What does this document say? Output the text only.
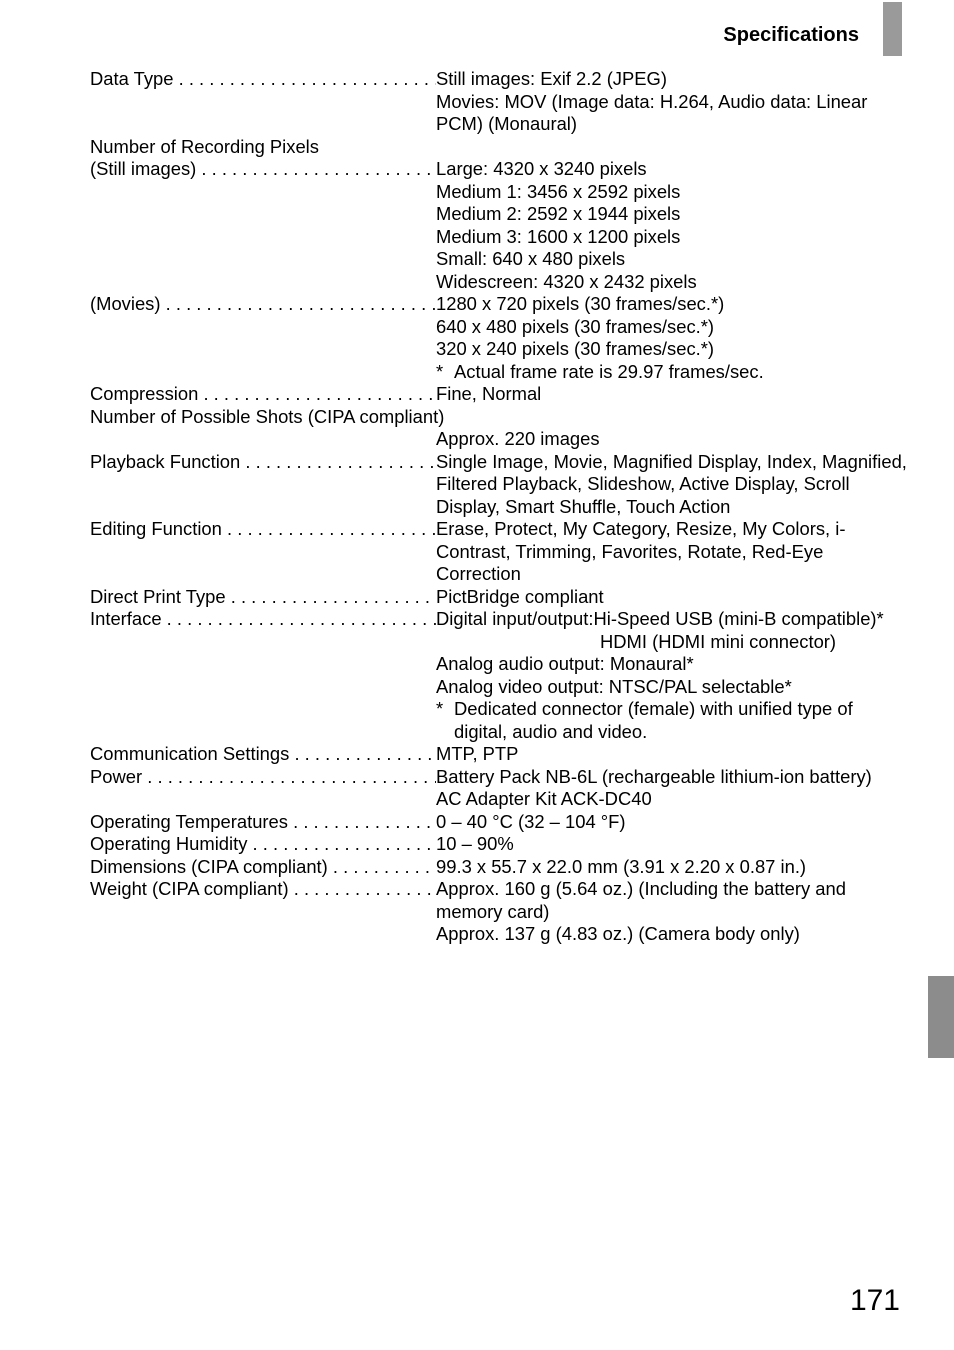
Specifications
Data Type . . .	Still images: Exif 2.2 (JPEG)
Movies: MOV (Image data: H.264, Audio data: Linear PCM) (Monaural)
Number of Recording Pixels
(Still images) . . .	Large: 4320 x 3240 pixels
Medium 1: 3456 x 2592 pixels
Medium 2: 2592 x 1944 pixels
Medium 3: 1600 x 1200 pixels
Small: 640 x 480 pixels
Widescreen: 4320 x 2432 pixels
(Movies) . . .	1280 x 720 pixels (30 frames/sec.*)
640 x 480 pixels (30 frames/sec.*)
320 x 240 pixels (30 frames/sec.*)
* Actual frame rate is 29.97 frames/sec.
Compression . . .	Fine, Normal
Number of Possible Shots (CIPA compliant)
Approx. 220 images
Playback Function . . .	Single Image, Movie, Magnified Display, Index, Magnified, Filtered Playback, Slideshow, Active Display, Scroll Display, Smart Shuffle, Touch Action
Editing Function . . .	Erase, Protect, My Category, Resize, My Colors, i-Contrast, Trimming, Favorites, Rotate, Red-Eye Correction
Direct Print Type . . .	PictBridge compliant
Interface . . .	Digital input/output:Hi-Speed USB (mini-B compatible)*
HDMI (HDMI mini connector)
Analog audio output: Monaural*
Analog video output: NTSC/PAL selectable*
* Dedicated connector (female) with unified type of digital, audio and video.
Communication Settings . . .	MTP, PTP
Power . . .	Battery Pack NB-6L (rechargeable lithium-ion battery)
AC Adapter Kit ACK-DC40
Operating Temperatures . . .	0 – 40 °C (32 – 104 °F)
Operating Humidity . . .	10 – 90%
Dimensions (CIPA compliant) . . .	99.3 x 55.7 x 22.0 mm (3.91 x 2.20 x 0.87 in.)
Weight (CIPA compliant) . . .	Approx. 160 g (5.64 oz.) (Including the battery and memory card)
Approx. 137 g (4.83 oz.) (Camera body only)
171
